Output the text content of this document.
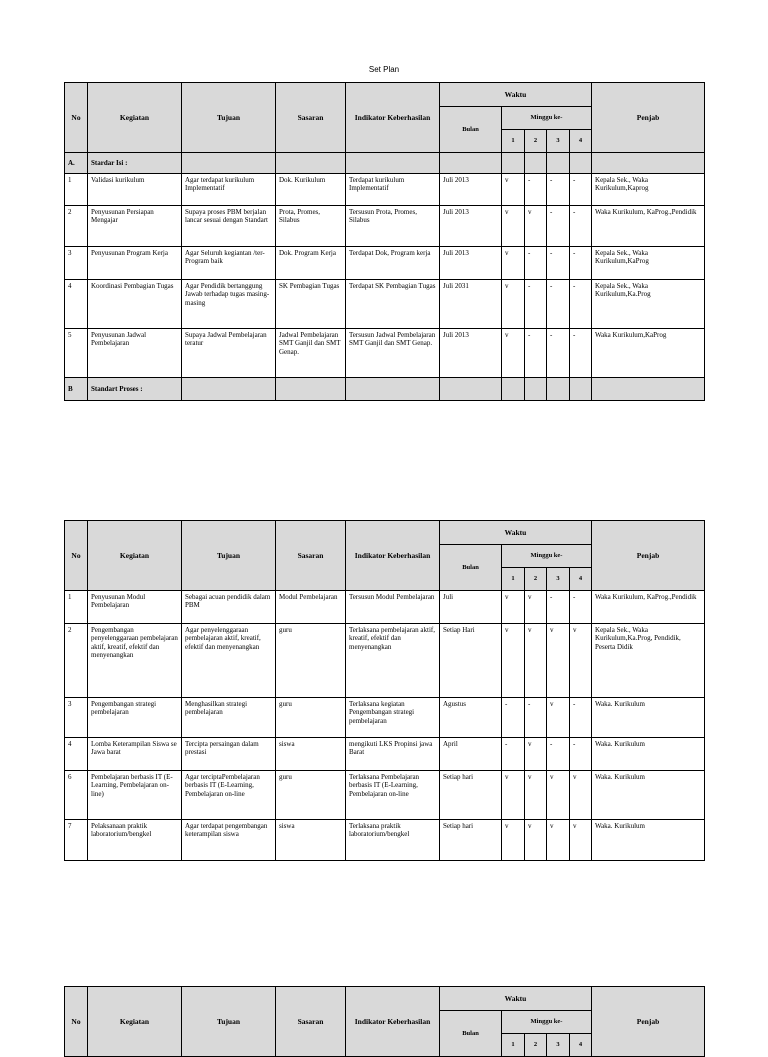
Set Plan
No	Kegiatan	Tujuan	Sasaran	Indikator Keberhasilan	Waktu					Penjab
					Bulan	Minggu ke-				
						1	2	3	4	
A.	Stardar Isi :									
1	Validasi kurikulum	Agar terdapat kurikulum Implementatif	Dok. Kurikulum	Terdapat kurikulum Implementatif	Juli 2013	v	-	-	-	Kepala Sek., Waka Kurikulum,Kaprog
2	Penyusunan Persiapan Mengajar	Supaya proses PBM berjalan lancar sesuai dengan Standart	Prota, Promes, Silabus	Tersusun Prota, Promes, Silabus	Juli 2013	v	v	-	-	Waka Kurikulum, KaProg.,Pendidik
3	Penyusunan Program Kerja	Agar Seluruh kegiantan /ter-Program baik	Dok. Program Kerja	Terdapat Dok, Program kerja	Juli 2013	v	-	-	-	Kepala Sek., Waka Kurikulum,KaProg
4	Koordinasi Pembagian Tugas	Agar Pendidik bertanggung Jawab terhadap tugas masing-masing	SK Pembagian Tugas	Terdapat SK Pembagian Tugas	Juli 2031	v	-	-	-	Kepala Sek., Waka Kurikulum,Ka.Prog
5	Penyusunan Jadwal Pembelajaran	Supaya Jadwal Pembelajaran teratur	Jadwal Pembelajaran SMT Ganjil dan SMT Genap.	Tersusun Jadwal Pembelajaran SMT Ganjil dan SMT Genap.	Juli 2013	v	-	-	-	Waka Kurikulum,KaProg
B	Standart Proses :									
No	Kegiatan	Tujuan	Sasaran	Indikator Keberhasilan	Waktu					Penjab
					Bulan	Minggu ke-				
						1	2	3	4	
1	Penyusunan Modul Pembelajaran	Sebagai acuan pendidik dalam PBM	Modul Pembelajaran	Tersusun Modul Pembelajaran	Juli	v	v	-	-	Waka Kurikulum, KaProg.,Pendidik
2	Pengembangan penyelenggaraan pembelajaran aktif, kreatif, efektif dan menyenangkan	Agar penyelenggaraan pembelajaran aktif, kreatif, efektif dan menyenangkan	guru	Terlaksana pembelajaran aktif, kreatif, efektif dan menyenangkan	Setiap Hari	v	v	v	v	Kepala Sek., Waka Kurikulum,Ka.Prog, Pendidik, Peserta Didik
3	Pengembangan strategi pembelajaran	Menghasilkan strategi pembelajaran	guru	Terlaksana kegiatan Pengembangan strategi pembelajaran	Agustus	-	-	v	-	Waka. Kurikulum
4	Lomba Keterampilan Siswa se Jawa barat	Tercipta persaingan dalam prestasi	siswa	mengikuti LKS Propinsi jawa Barat	April	-	v	-	-	Waka. Kurikulum
6	Pembelajaran berbasis IT (E-Learning, Pembelajaran on-line)	Agar terciptaPembelajaran berbasis IT (E-Learning, Pembelajaran on-line	guru	Terlaksana Pembelajaran berbasis IT (E-Learning, Pembelajaran on-line	Setiap hari	v	v	v	v	Waka. Kurikulum
7	Pelaksanaan praktik laboratorium/bengkel	Agar terdapat pengembangan keterampilan siswa	siswa	Terlaksana praktik laboratorium/bengkel	Setiap hari	v	v	v	v	Waka. Kurikulum
No	Kegiatan	Tujuan	Sasaran	Indikator Keberhasilan	Waktu					Penjab
					Bulan	Minggu ke-				
						1	2	3	4	
